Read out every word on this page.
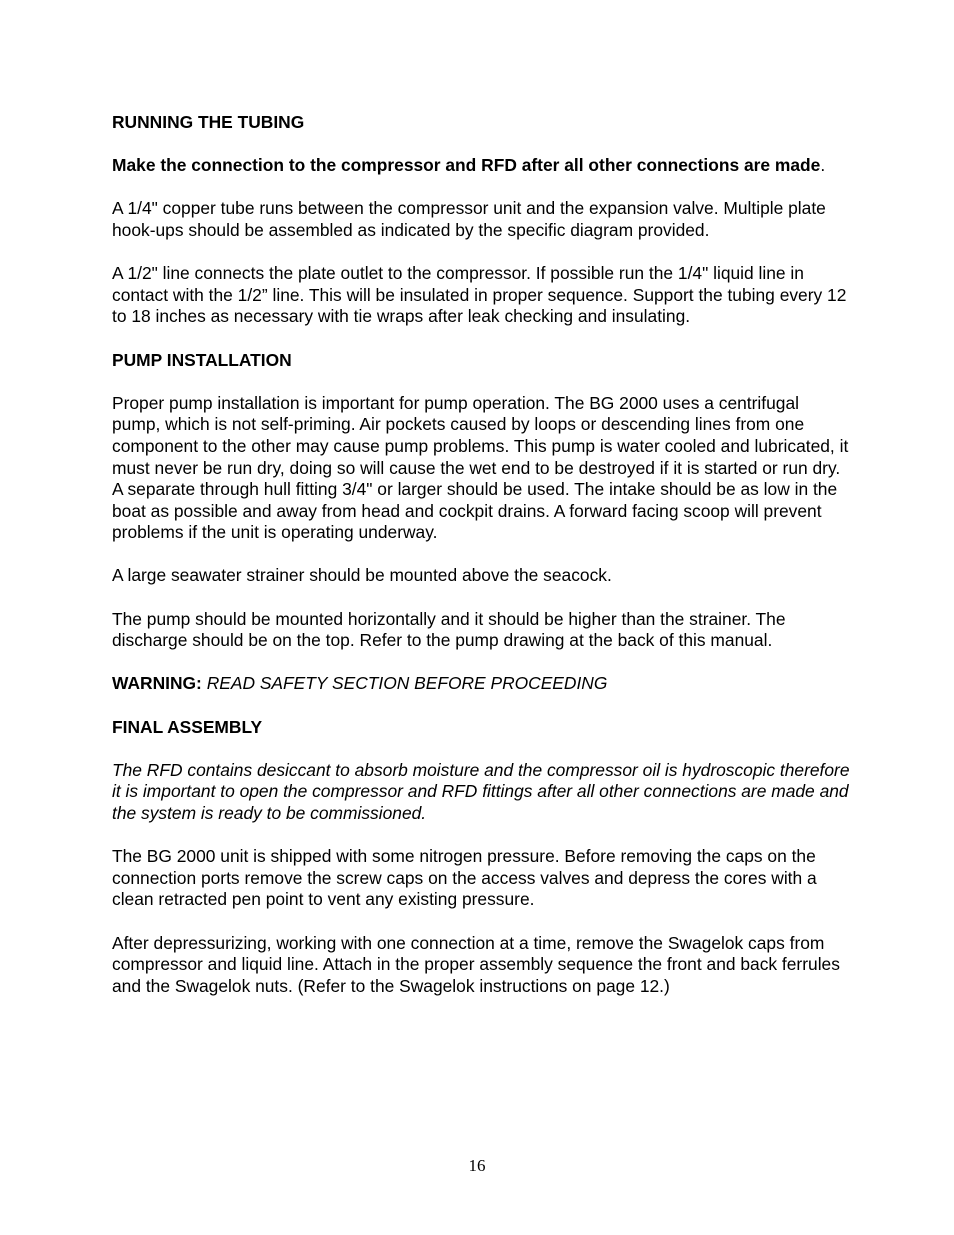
RUNNING THE TUBING
Make the connection to the compressor and RFD after all other connections are made.
A 1/4" copper tube runs between the compressor unit and the expansion valve. Multiple plate hook-ups should be assembled as indicated by the specific diagram provided.
A 1/2" line connects the plate outlet to the compressor. If possible run the 1/4" liquid line in contact with the 1/2” line. This will be insulated in proper sequence. Support the tubing every 12 to 18 inches as necessary with tie wraps after leak checking and insulating.
PUMP INSTALLATION
Proper pump installation is important for pump operation. The BG 2000 uses a centrifugal pump, which is not self-priming. Air pockets caused by loops or descending lines from one component to the other may cause pump problems. This pump is water cooled and lubricated, it must never be run dry, doing so will cause the wet end to be destroyed if it is started or run dry. A separate through hull fitting 3/4" or larger should be used. The intake should be as low in the boat as possible and away from head and cockpit drains. A forward facing scoop will prevent problems if the unit is operating underway.
A large seawater strainer should be mounted above the seacock.
The pump should be mounted horizontally and it should be higher than the strainer. The discharge should be on the top. Refer to the pump drawing at the back of this manual.
WARNING: READ SAFETY SECTION BEFORE PROCEEDING
FINAL ASSEMBLY
The RFD contains desiccant to absorb moisture and the compressor oil is hydroscopic therefore it is important to open the compressor and RFD fittings after all other connections are made and the system is ready to be commissioned.
The BG 2000 unit is shipped with some nitrogen pressure. Before removing the caps on the connection ports remove the screw caps on the access valves and depress the cores with a clean retracted pen point to vent any existing pressure.
After depressurizing, working with one connection at a time, remove the Swagelok caps from compressor and liquid line. Attach in the proper assembly sequence the front and back ferrules and the Swagelok nuts. (Refer to the Swagelok instructions on page 12.)
16
